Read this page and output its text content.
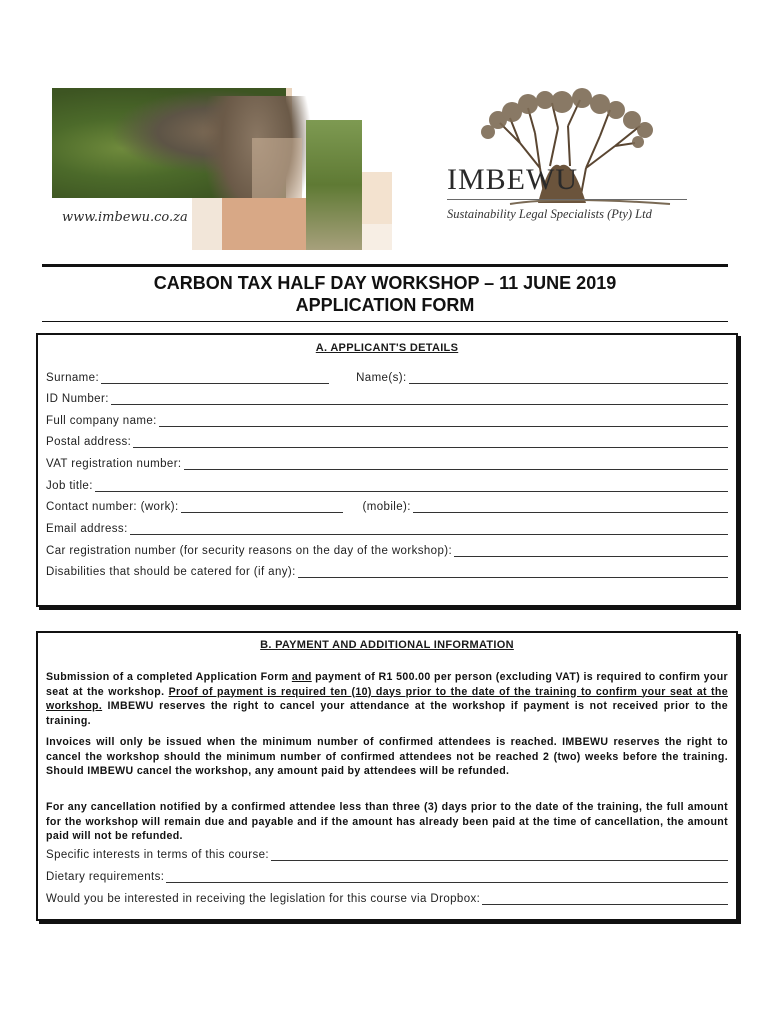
www.imbewu.co.za
IMBEWU
Sustainability Legal Specialists (Pty) Ltd
CARBON TAX HALF DAY WORKSHOP – 11 JUNE 2019
APPLICATION FORM
A. APPLICANT'S DETAILS
Surname:	Name(s):
ID Number:
Full company name:
Postal address:
VAT registration number:
Job title:
Contact number: (work):	(mobile):
Email address:
Car registration number (for security reasons on the day of the workshop):
Disabilities that should be catered for (if any):
B. PAYMENT AND ADDITIONAL INFORMATION
Submission of a completed Application Form and payment of R1 500.00 per person (excluding VAT) is required to confirm your seat at the workshop. Proof of payment is required ten (10) days prior to the date of the training to confirm your seat at the workshop. IMBEWU reserves the right to cancel your attendance at the workshop if payment is not received prior to the training.
Invoices will only be issued when the minimum number of confirmed attendees is reached. IMBEWU reserves the right to cancel the workshop should the minimum number of confirmed attendees not be reached 2 (two) weeks before the training. Should IMBEWU cancel the workshop, any amount paid by attendees will be refunded.
For any cancellation notified by a confirmed attendee less than three (3) days prior to the date of the training, the full amount for the workshop will remain due and payable and if the amount has already been paid at the time of cancellation, the amount paid will not be refunded.
Specific interests in terms of this course:
Dietary requirements:
Would you be interested in receiving the legislation for this course via Dropbox:
